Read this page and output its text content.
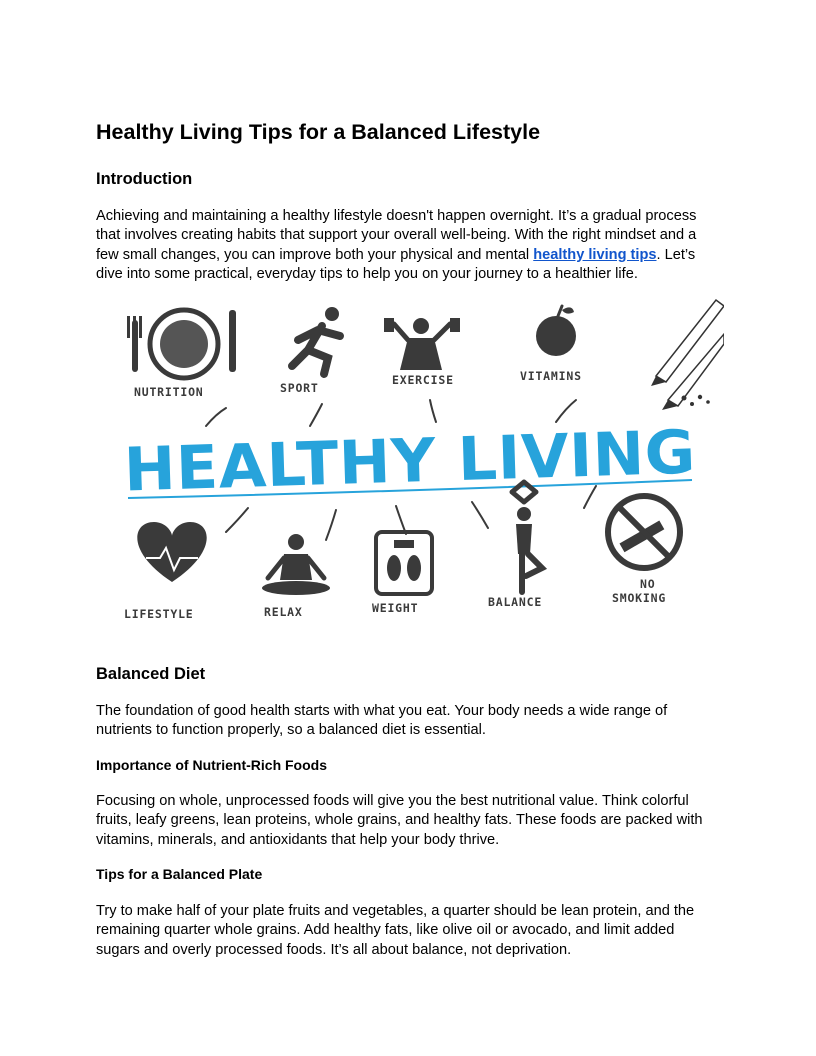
Healthy Living Tips for a Balanced Lifestyle
Introduction

Achieving and maintaining a healthy lifestyle doesn't happen overnight. It’s a gradual process that involves creating habits that support your overall well-being. With the right mindset and a few small changes, you can improve both your physical and mental healthy living tips. Let’s dive into some practical, everyday tips to help you on your journey to a healthier life.

Balanced Diet

The foundation of good health starts with what you eat. Your body needs a wide range of nutrients to function properly, so a balanced diet is essential.

Importance of Nutrient-Rich Foods

Focusing on whole, unprocessed foods will give you the best nutritional value. Think colorful fruits, leafy greens, lean proteins, whole grains, and healthy fats. These foods are packed with vitamins, minerals, and antioxidants that help your body thrive.

Tips for a Balanced Plate

Try to make half of your plate fruits and vegetables, a quarter should be lean protein, and the remaining quarter whole grains. Add healthy fats, like olive oil or avocado, and limit added sugars and overly processed foods. It’s all about balance, not deprivation.

NUTRITION	SPORT
EXERCISE	VITAMINS
HEALTHY LIVING
LIFESTYLE	RELAX	WEIGHT	BALANCE
NO
SMOKING
